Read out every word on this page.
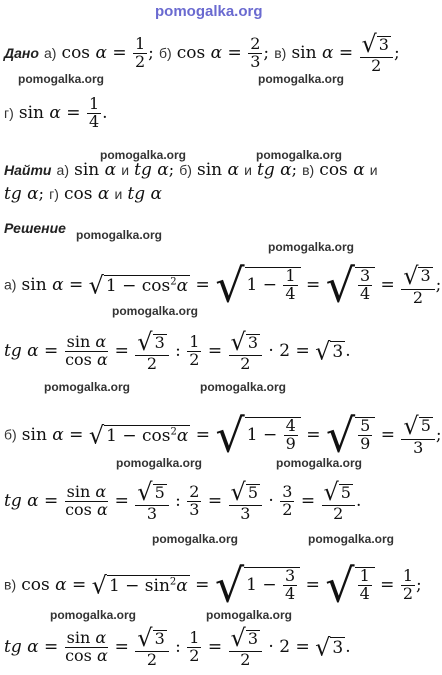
pomogalka.org
pomogalka.org	pomogalka.org
pomogalka.org	pomogalka.org
pomogalka.org
pomogalka.org
pomogalka.org
pomogalka.org	pomogalka.org
pomogalka.org	pomogalka.org
pomogalka.org	pomogalka.org
pomogalka.org	pomogalka.org
Дано а) $\cos \alpha = \frac{1}{2}$ ; б) $\cos \alpha = \frac{2}{3}$ ; в) $\sin \alpha = \frac{√ 3}{2}$ ;
г) $\sin \alpha = \frac{1}{4}$ .
Найти а) sin α и tg α; б) sin α и tg α; в) cos α и
tg α; г) cos α и tg α
Решение
а) sin α = √ $1 - \cos^2\alpha$ = √ $1 - \frac{1}{4}$ = √ $\frac{3}{4} = \frac{√ 3}{2}$ ;
tg $\alpha = \frac{\text{sin α}}{\text{cos α}} = \frac{√ 3}{2}$ : $\frac{1}{2} = \frac{√ 3}{2} \cdot 2$ = √ 3 .
б) sin α = √ $1 - \cos^2\alpha$ = √ $1 - \frac{4}{9}$ = √ $\frac{5}{9} = \frac{√ 5}{3}$ ;
tg $\alpha = \frac{\text{sin α}}{\text{cos α}} = \frac{√ 5}{3}$ : $\frac{2}{3} = \frac{√ 5}{3} \cdot \frac{3}{2} = \frac{√ 5}{2}$ .
в) cos α = √ $1 - \sin^2\alpha$ = √ $1 - \frac{3}{4}$ = √ $\frac{1}{4} = \frac{1}{2}$ ;
tg $\alpha = \frac{\text{sin α}}{\text{cos α}} = \frac{√ 3}{2}$ : $\frac{1}{2} = \frac{√ 3}{2} \cdot 2$ = √ 3 .
